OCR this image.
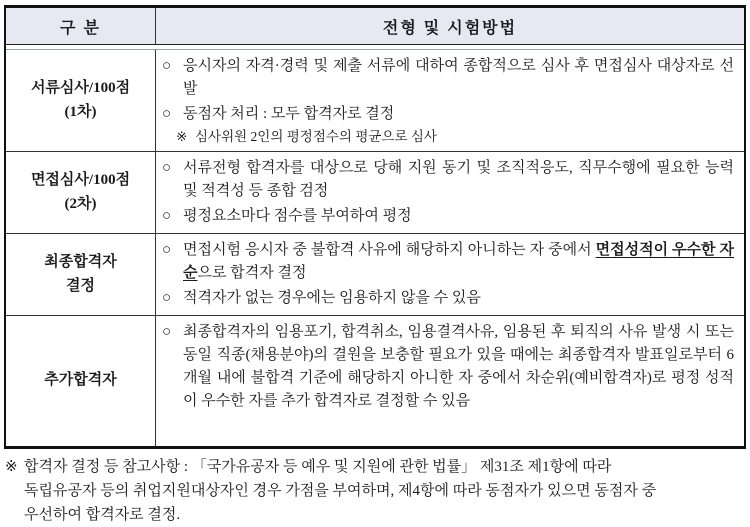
구 분	전형 및 시험방법
서류심사/100점
(1차)
○ 응시자의 자격·경력 및 제출 서류에 대하여 종합적으로 심사 후 면접심사 대상자로 선발
○ 동점자 처리 : 모두 합격자로 결정
※ 심사위원 2인의 평정점수의 평균으로 심사
면접심사/100점
(2차)
○ 서류전형 합격자를 대상으로 당해 지원 동기 및 조직적응도, 직무수행에 필요한 능력 및 적격성 등 종합 검정
○ 평정요소마다 점수를 부여하여 평정
최종합격자
결정
○ 면접시험 응시자 중 불합격 사유에 해당하지 아니하는 자 중에서 면접성적이 우수한 자 순으로 합격자 결정
○ 적격자가 없는 경우에는 임용하지 않을 수 있음
추가합격자
○ 최종합격자의 임용포기, 합격취소, 임용결격사유, 임용된 후 퇴직의 사유 발생 시 또는 동일 직종(채용분야)의 결원을 보충할 필요가 있을 때에는 최종합격자 발표일로부터 6개월 내에 불합격 기준에 해당하지 아니한 자 중에서 차순위(예비합격자)로 평정 성적이 우수한 자를 추가 합격자로 결정할 수 있음
※ 합격자 결정 등 참고사항 : 「국가유공자 등 예우 및 지원에 관한 법률」 제31조 제1항에 따라
독립유공자 등의 취업지원대상자인 경우 가점을 부여하며, 제4항에 따라 동점자가 있으면 동점자 중
우선하여 합격자로 결정.
